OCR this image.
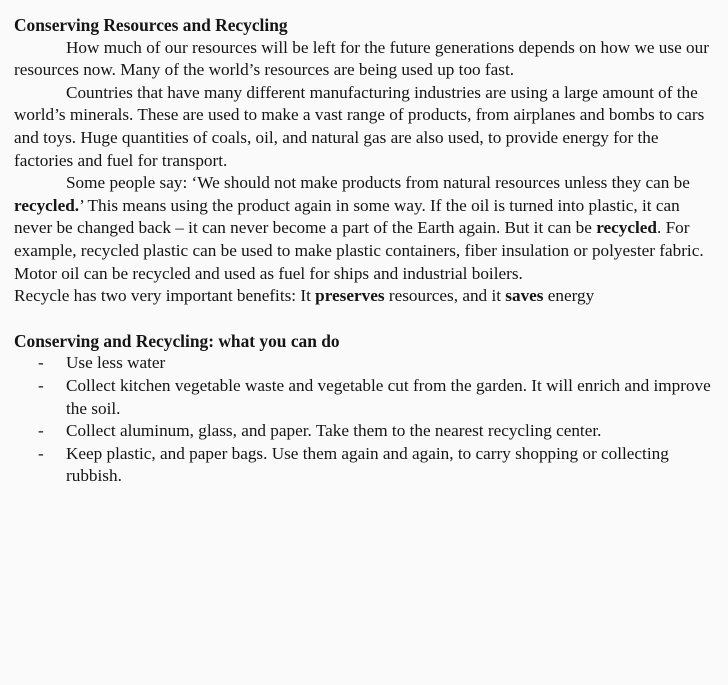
Conserving Resources and Recycling

How much of our resources will be left for the future generations depends on how we use our resources now. Many of the world’s resources are being used up too fast.

Countries that have many different manufacturing industries are using a large amount of the world’s minerals. These are used to make a vast range of products, from airplanes and bombs to cars and toys. Huge quantities of coals, oil, and natural gas are also used, to provide energy for the factories and fuel for transport.

Some people say: ‘We should not make products from natural resources unless they can be recycled.’ This means using the product again in some way. If the oil is turned into plastic, it can never be changed back – it can never become a part of the Earth again. But it can be recycled. For example, recycled plastic can be used to make plastic containers, fiber insulation or polyester fabric. Motor oil can be recycled and used as fuel for ships and industrial boilers.

Recycle has two very important benefits: It preserves resources, and it saves energy

Conserving and Recycling: what you can do
-	Use less water
-	Collect kitchen vegetable waste and vegetable cut from the garden. It will enrich and improve the soil.
-	Collect aluminum, glass, and paper. Take them to the nearest recycling center.
-	Keep plastic, and paper bags. Use them again and again, to carry shopping or collecting rubbish.
